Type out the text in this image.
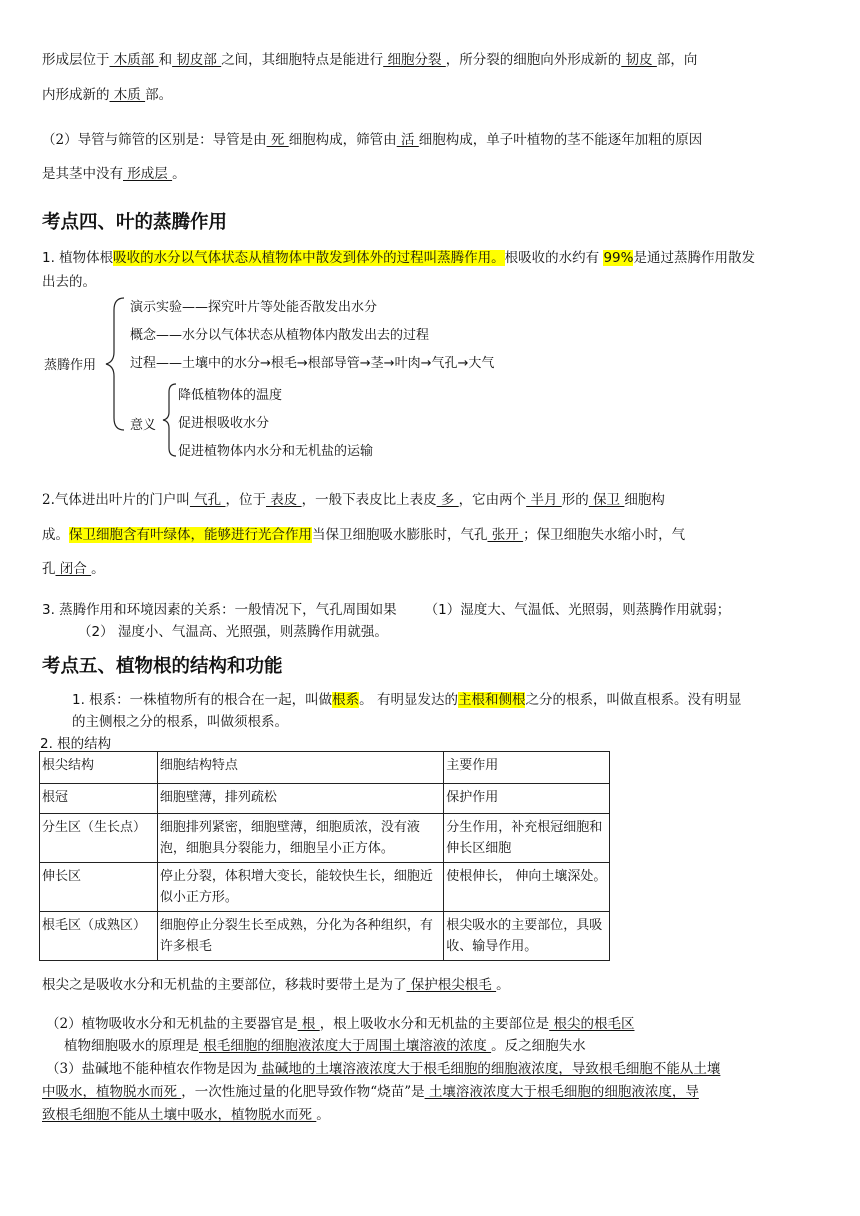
形成层位于 木质部 和 韧皮部 之间，其细胞特点是能进行 细胞分裂 ，所分裂的细胞向外形成新的 韧皮 部，向
内形成新的 木质 部。
（2）导管与筛管的区别是：导管是由 死 细胞构成，筛管由 活 细胞构成，单子叶植物的茎不能逐年加粗的原因
是其茎中没有 形成层 。
考点四、叶的蒸腾作用
1. 植物体根吸收的水分以气体状态从植物体中散发到体外的过程叫蒸腾作用。根吸收的水约有 99%是通过蒸腾作用散发
出去的。
蒸腾作用
演示实验——探究叶片等处能否散发出水分
概念——水分以气体状态从植物体内散发出去的过程
过程——土壤中的水分→根毛→根部导管→茎→叶肉→气孔→大气
意义
降低植物体的温度
促进根吸收水分
促进植物体内水分和无机盐的运输
2.气体进出叶片的门户叫 气孔 ，位于 表皮 ，一般下表皮比上表皮 多 ，它由两个 半月 形的 保卫 细胞构
成。保卫细胞含有叶绿体，能够进行光合作用当保卫细胞吸水膨胀时，气孔 张开 ；保卫细胞失水缩小时，气
孔 闭合 。
3. 蒸腾作用和环境因素的关系：一般情况下，气孔周围如果 （1）湿度大、气温低、光照弱，则蒸腾作用就弱；
（2） 湿度小、气温高、光照强，则蒸腾作用就强。
考点五、植物根的结构和功能
1. 根系：一株植物所有的根合在一起，叫做根系。 有明显发达的主根和侧根之分的根系，叫做直根系。没有明显
的主侧根之分的根系，叫做须根系。
2. 根的结构
根尖结构	细胞结构特点	主要作用
根冠	细胞壁薄，排列疏松	保护作用
分生区（生长点）	细胞排列紧密，细胞壁薄，细胞质浓，没有液泡，细胞具分裂能力，细胞呈小正方体。	分生作用，补充根冠细胞和伸长区细胞
伸长区	停止分裂，体积增大变长，能较快生长，细胞近似小正方形。	使根伸长， 伸向土壤深处。
根毛区（成熟区）	细胞停止分裂生长至成熟，分化为各种组织，有许多根毛	根尖吸水的主要部位，具吸收、输导作用。
根尖之是吸收水分和无机盐的主要部位，移栽时要带土是为了 保护根尖根毛 。
（2）植物吸收水分和无机盐的主要器官是 根 ，根上吸收水分和无机盐的主要部位是 根尖的根毛区
植物细胞吸水的原理是 根毛细胞的细胞液浓度大于周围土壤溶液的浓度 。反之细胞失水
（3）盐碱地不能种植农作物是因为 盐碱地的土壤溶液浓度大于根毛细胞的细胞液浓度，导致根毛细胞不能从土壤
中吸水，植物脱水而死 ，一次性施过量的化肥导致作物“烧苗”是 土壤溶液浓度大于根毛细胞的细胞液浓度，导
致根毛细胞不能从土壤中吸水，植物脱水而死 。
